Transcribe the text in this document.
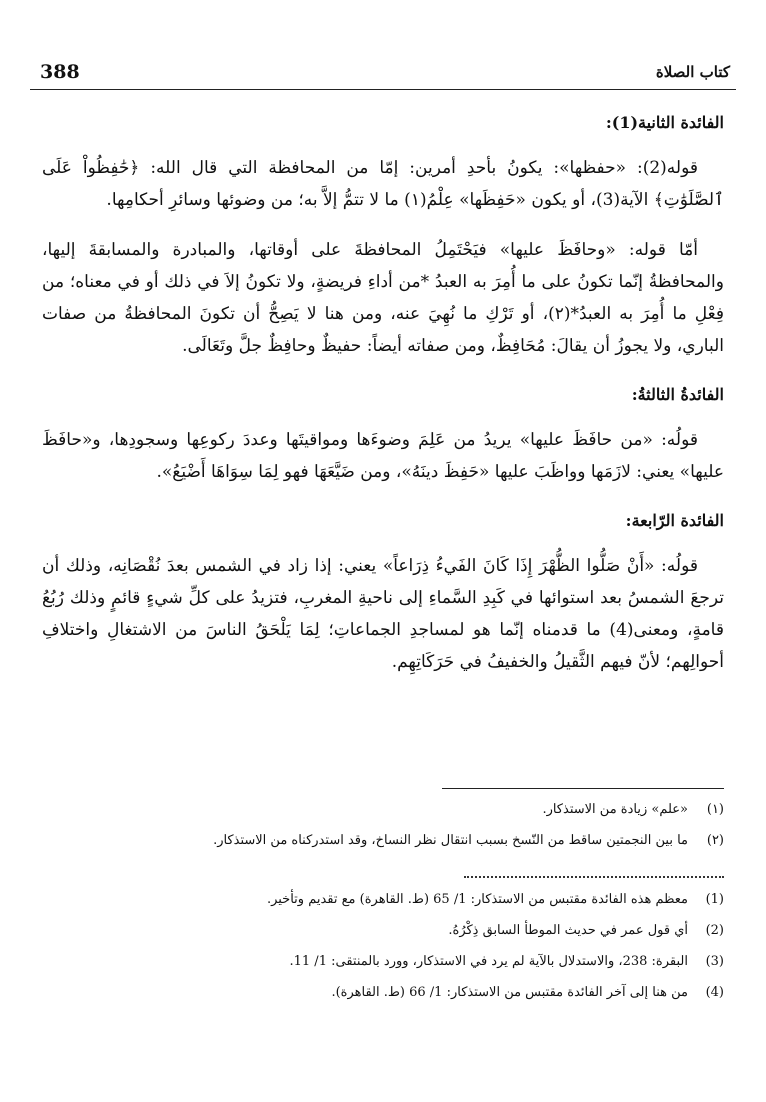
388	كتاب الصلاة
الفائدة الثانية(1):

قوله(2): «حفظها»: يكونُ بأحدِ أمرين: إمّا من المحافظة التي قال الله: ﴿حَٰفِظُواْ عَلَى ٱلصَّلَوَٰتِ﴾ الآية(3)، أو يكون «حَفِظَها» عِلْمُ(١) ما لا تتمُّ إلاَّ به؛ من وضوئها وسائرِ أحكامِها.

أمّا قوله: «وحافَظَ عليها» فيَحْتَمِلُ المحافظةَ على أوقاتها، والمبادرة والمسابقةَ إليها، والمحافظةُ إنّما تكونُ على ما أُمِرَ به العبدُ *من أداءِ فريضةٍ، ولا تكونُ إلاَ في ذلك أو في معناه؛ من فِعْلِ ما أُمِرَ به العبدُ*(٢)، أو تَرْكِ ما نُهِيَ عنه، ومن هنا لا يَصِحُّ أن تكونَ المحافظةُ من صفات الباري، ولا يجوزُ أن يقالَ: مُحَافِظٌ، ومن صفاته أيضاً: حفيظٌ وحافِظٌ جلَّ وتَعَالَى.

الفائدةُ الثالثةُ:

قولُه: «من حافَظَ عليها» يريدُ من عَلِمَ وضوءَها ومواقيتَها وعددَ ركوعِها وسجودِها، و«حافَظَ عليها» يعني: لازَمَها وواظَبَ عليها «حَفِظَ دينَهُ»، ومن ضَيَّعَهَا فهو لِمَا سِوَاهَا أَضْيَعُ».

الفائدة الرّابعة:

قولُه: «أَنْ صَلُّوا الظُّهْرَ إِذَا كَانَ الفَيءُ ذِرَاعاً» يعني: إذا زاد في الشمس بعدَ نُقْصَانِه، وذلك أن ترجعَ الشمسُ بعد استوائها في كَبِدِ السَّماءِ إلى ناحيةِ المغربِ، فتزيدُ على كلِّ شيءٍ قائمٍ وذلك رُبُعُ قامةٍ، ومعنى(4) ما قدمناه إنّما هو لمساجدِ الجماعاتِ؛ لِمَا يَلْحَقُ الناسَ من الاشتغالِ واختلافِ أحوالِهم؛ لأنّ فيهم الثَّقيلُ والخفيفُ في حَرَكَاتِهِم.

(١)
«علم» زيادة من الاستذكار.
(٢)
ما بين النجمتين ساقط من النّسخ بسبب انتقال نظر النساخ، وقد استدركناه من الاستذكار.
(1)
معظم هذه الفائدة مقتبس من الاستذكار: 1/ 65 (ط. القاهرة) مع تقديم وتأخير.
(2)
أي قول عمر في حديث الموطأ السابق ذِكْرُهُ.
(3)
البقرة: 238، والاستدلال بالآية لم يرد في الاستذكار، وورد بالمنتقى: 1/ 11.
(4)
من هنا إلى آخر الفائدة مقتبس من الاستذكار: 1/ 66 (ط. القاهرة).
